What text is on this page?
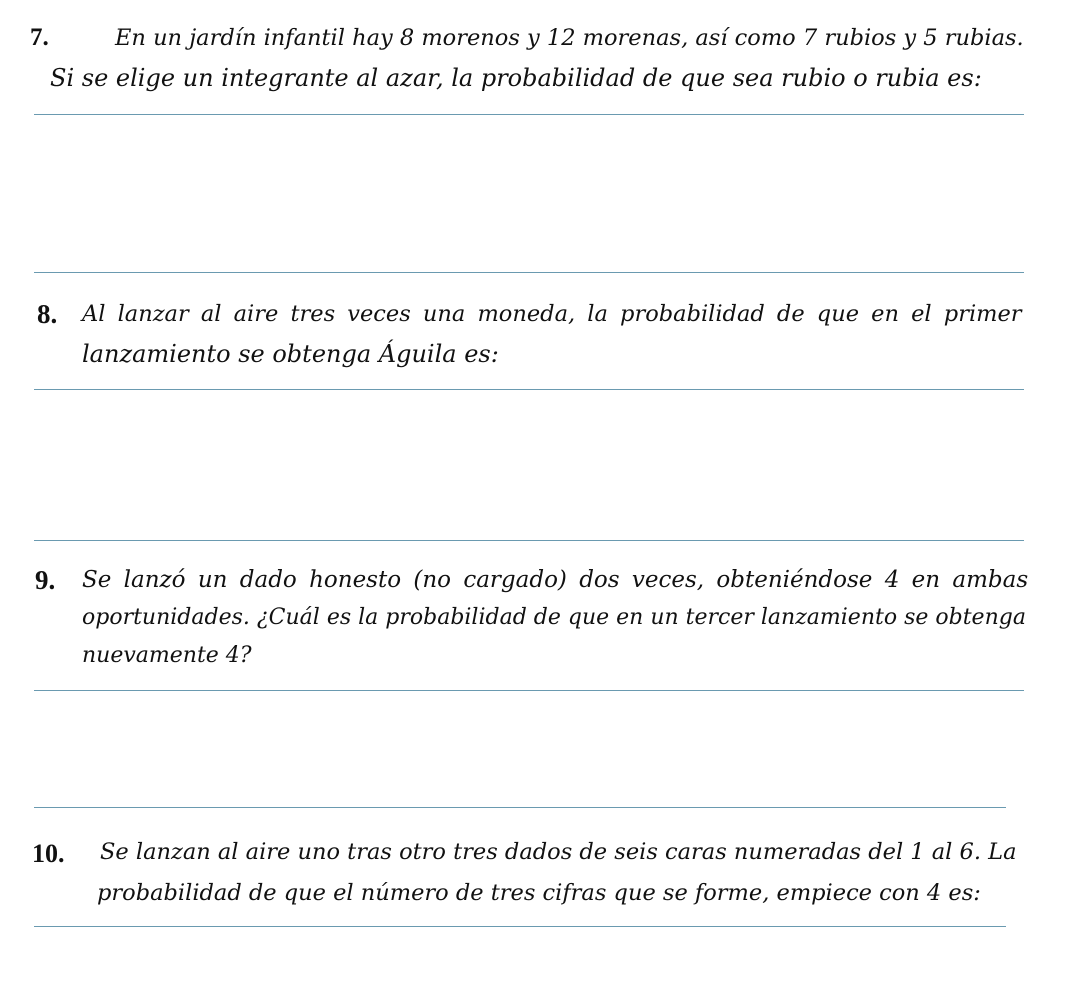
7.	En un jardín infantil hay 8 morenos y 12 morenas, así como 7 rubios y 5 rubias.
Si se elige un integrante al azar, la probabilidad de que sea rubio o rubia es:
8. Al lanzar al aire tres veces una moneda, la probabilidad de que en el primer
lanzamiento se obtenga Águila es:
9. Se lanzó un dado honesto (no cargado) dos veces, obteniéndose 4 en ambas
oportunidades. ¿Cuál es la probabilidad de que en un tercer lanzamiento se obtenga
nuevamente 4?
10. Se lanzan al aire uno tras otro tres dados de seis caras numeradas del 1 al 6. La
probabilidad de que el número de tres cifras que se forme, empiece con 4 es:
